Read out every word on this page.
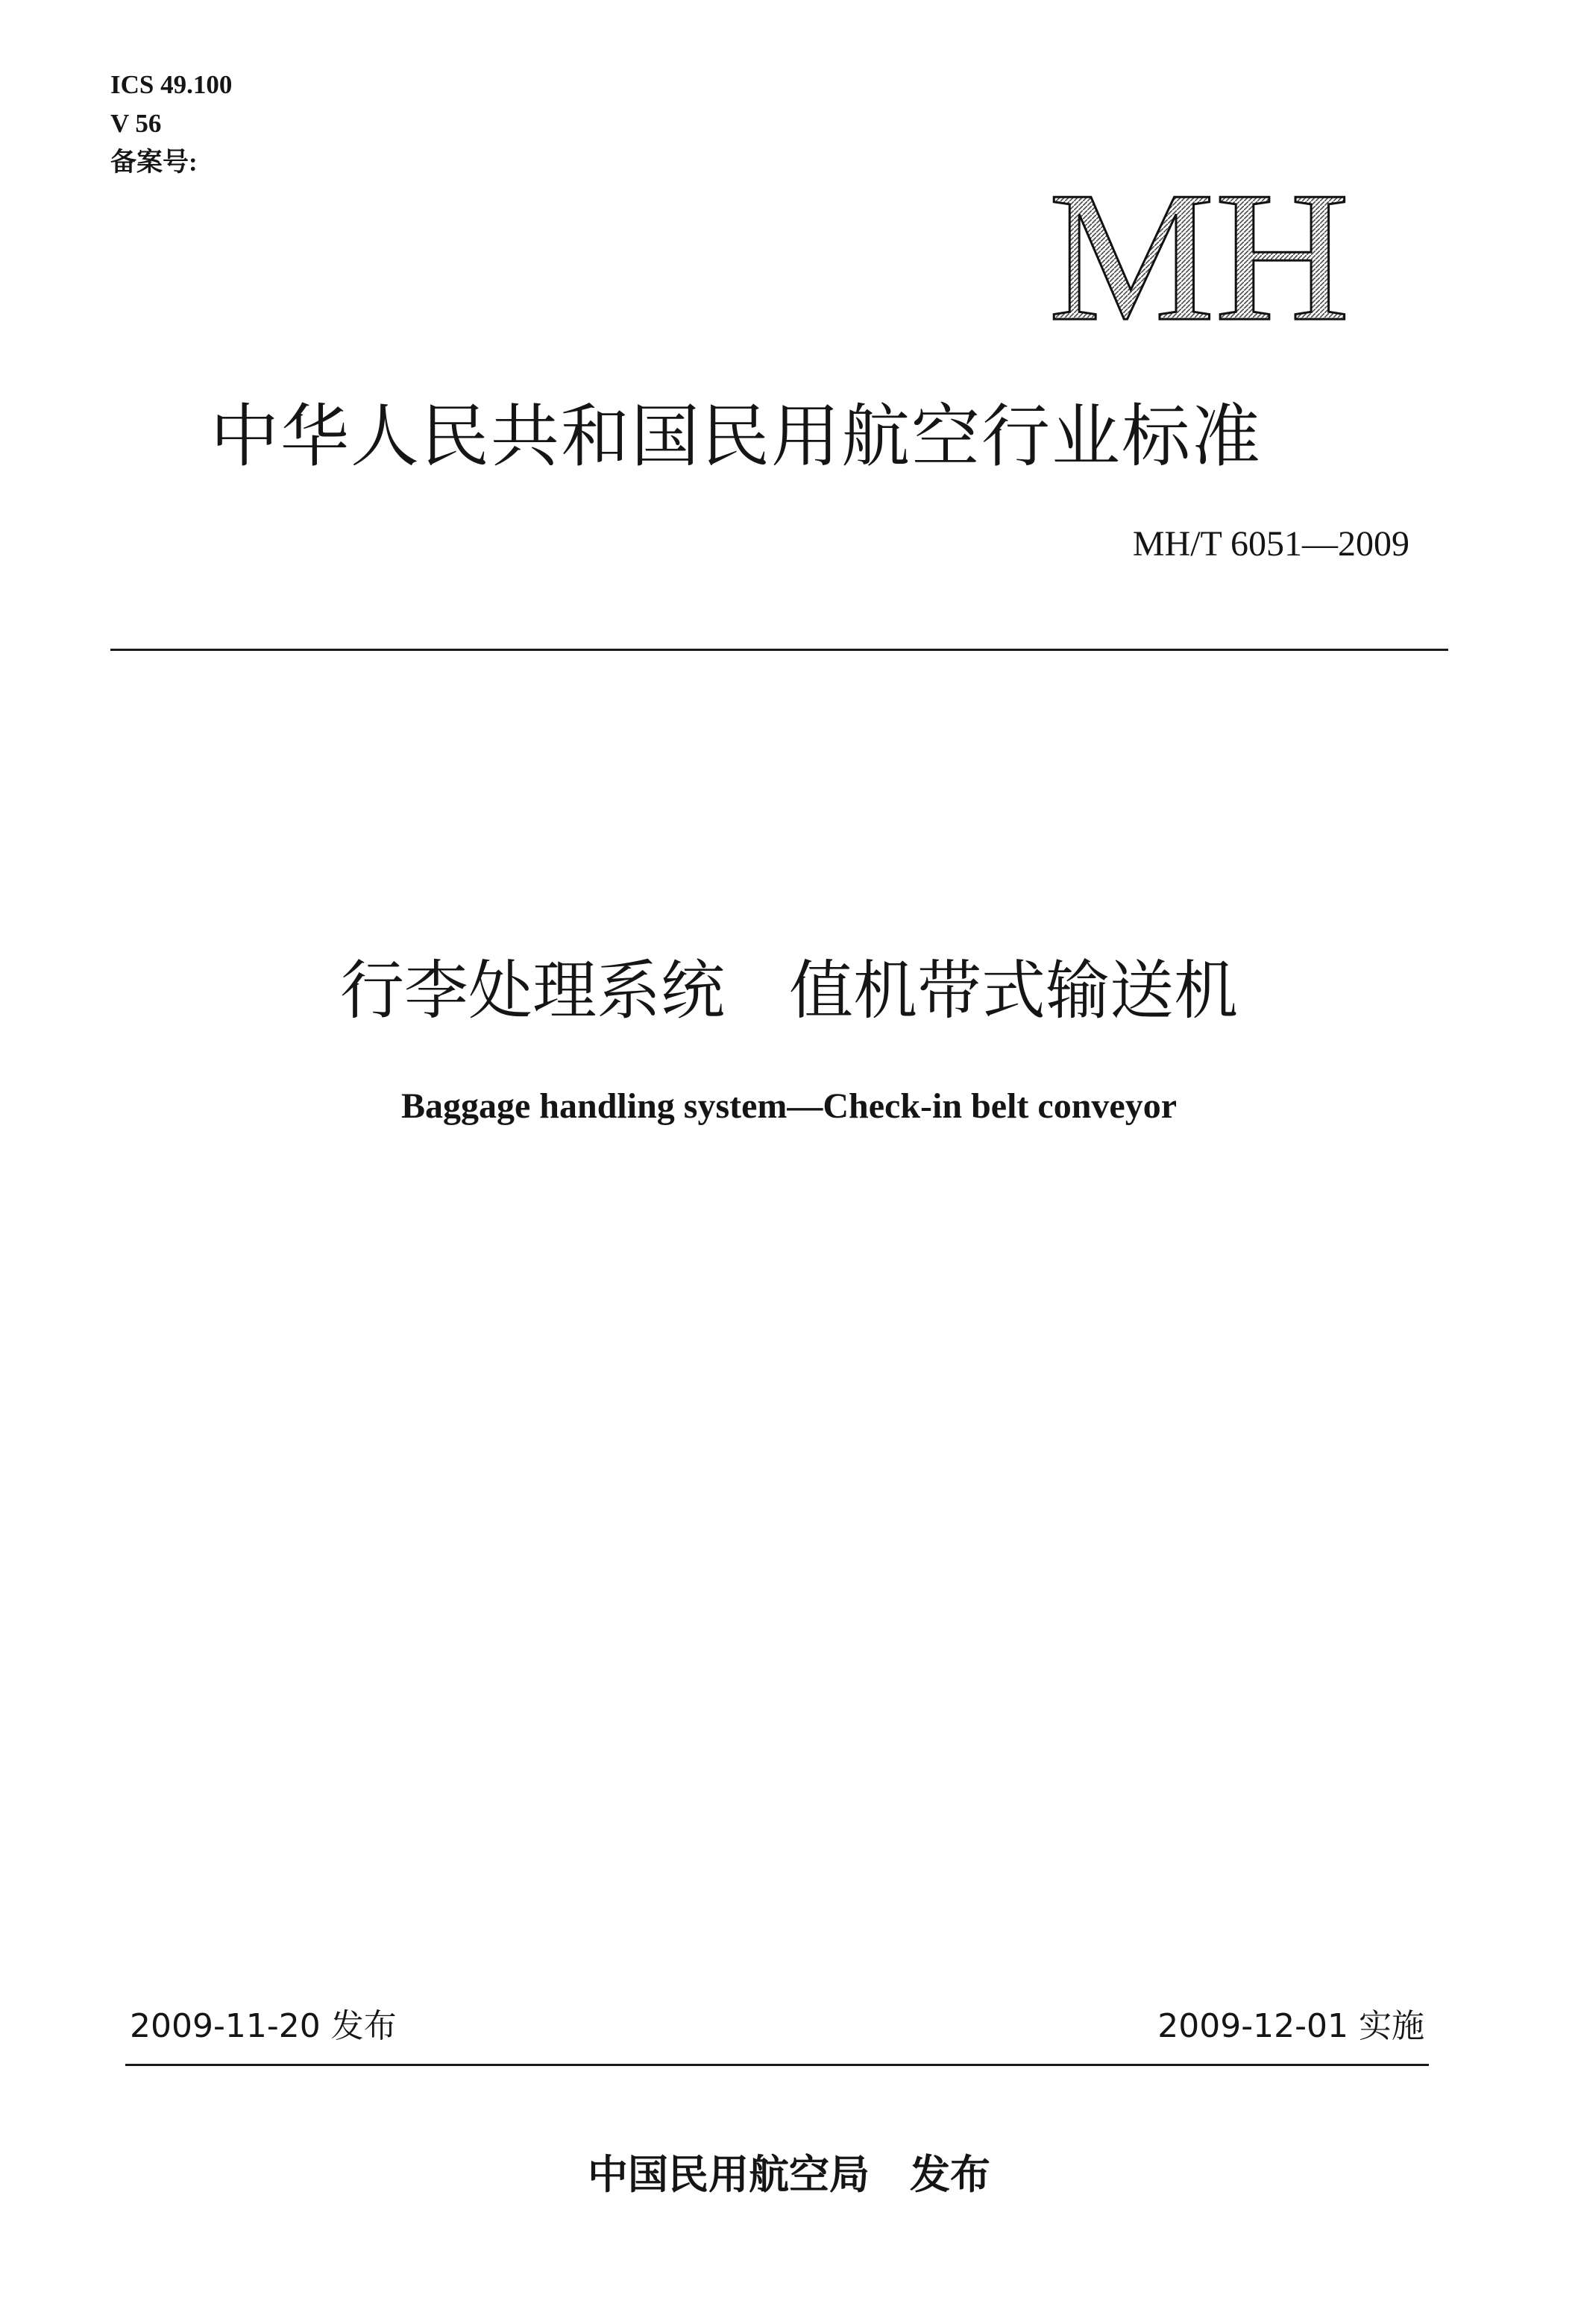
ICS 49.100
V 56
备案号:	MH
中华人民共和国民用航空行业标准
MH/T 6051—2009
行李处理系统　值机带式输送机
Baggage handling system—Check-in belt conveyor
2009-11-20 发布	2009-12-01 实施
中国民用航空局　发布
